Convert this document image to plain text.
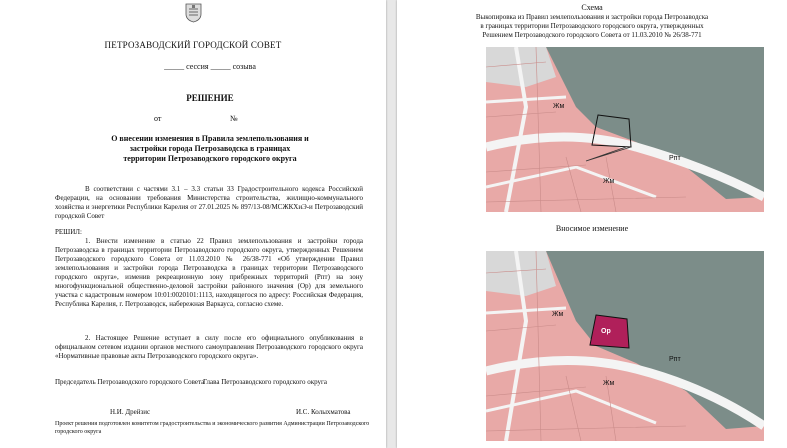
ПЕТРОЗАВОДСКИЙ ГОРОДСКОЙ СОВЕТ
_____ сессия _____ созыва
РЕШЕНИЕ
от	№
О внесении изменения в Правила землепользования и
застройки города Петрозаводска в границах
территории Петрозаводского городского округа
В соответствии с частями 3.1 – 3.3 статьи 33 Градостроительного кодекса Российской Федерации, на основании требования Министерства строительства, жилищно-коммунального хозяйства и энергетики Республики Карелия от 27.01.2025 № 897/13-08/МСЖКХиЭ-и Петрозаводский городской Совет
РЕШИЛ:
1. Внести изменение в статью 22 Правил землепользования и застройки города Петрозаводска в границах территории Петрозаводского городского округа, утвержденных Решением Петрозаводского городского Совета от 11.03.2010 № 26/38-771 «Об утверждении Правил землепользования и застройки города Петрозаводска в границах территории Петрозаводского городского округа», изменив рекреационную зону прибрежных территорий (Рпт) на зону многофункциональной общественно-деловой застройки районного значения (Ор) для земельного участка с кадастровым номером 10:01:0020101:1113, находящегося по адресу: Российская Федерация, Республика Карелия, г. Петрозаводск, набережная Варкауса, согласно схеме.
2. Настоящее Решение вступает в силу после его официального опубликования в официальном сетевом издании органов местного самоуправления Петрозаводского городского округа «Нормативные правовые акты Петрозаводского городского округа».
Председатель Петрозаводского городского Совета
Глава Петрозаводского городского округа
Н.И. Дрейзис	И.С. Колыхматова
Проект решения подготовлен комитетом градостроительства и экономического развития Администрации Петрозаводского городского округа
Схема
Выкопировка из Правил землепользования и застройки города Петрозаводска
в границах территории Петрозаводского городского округа, утвержденных
Решением Петрозаводского городского Совета от 11.03.2010 № 26/38-771
Жм
Рпт
Жм
Вносимое изменение
Жм
Ор
Рпт
Жм
